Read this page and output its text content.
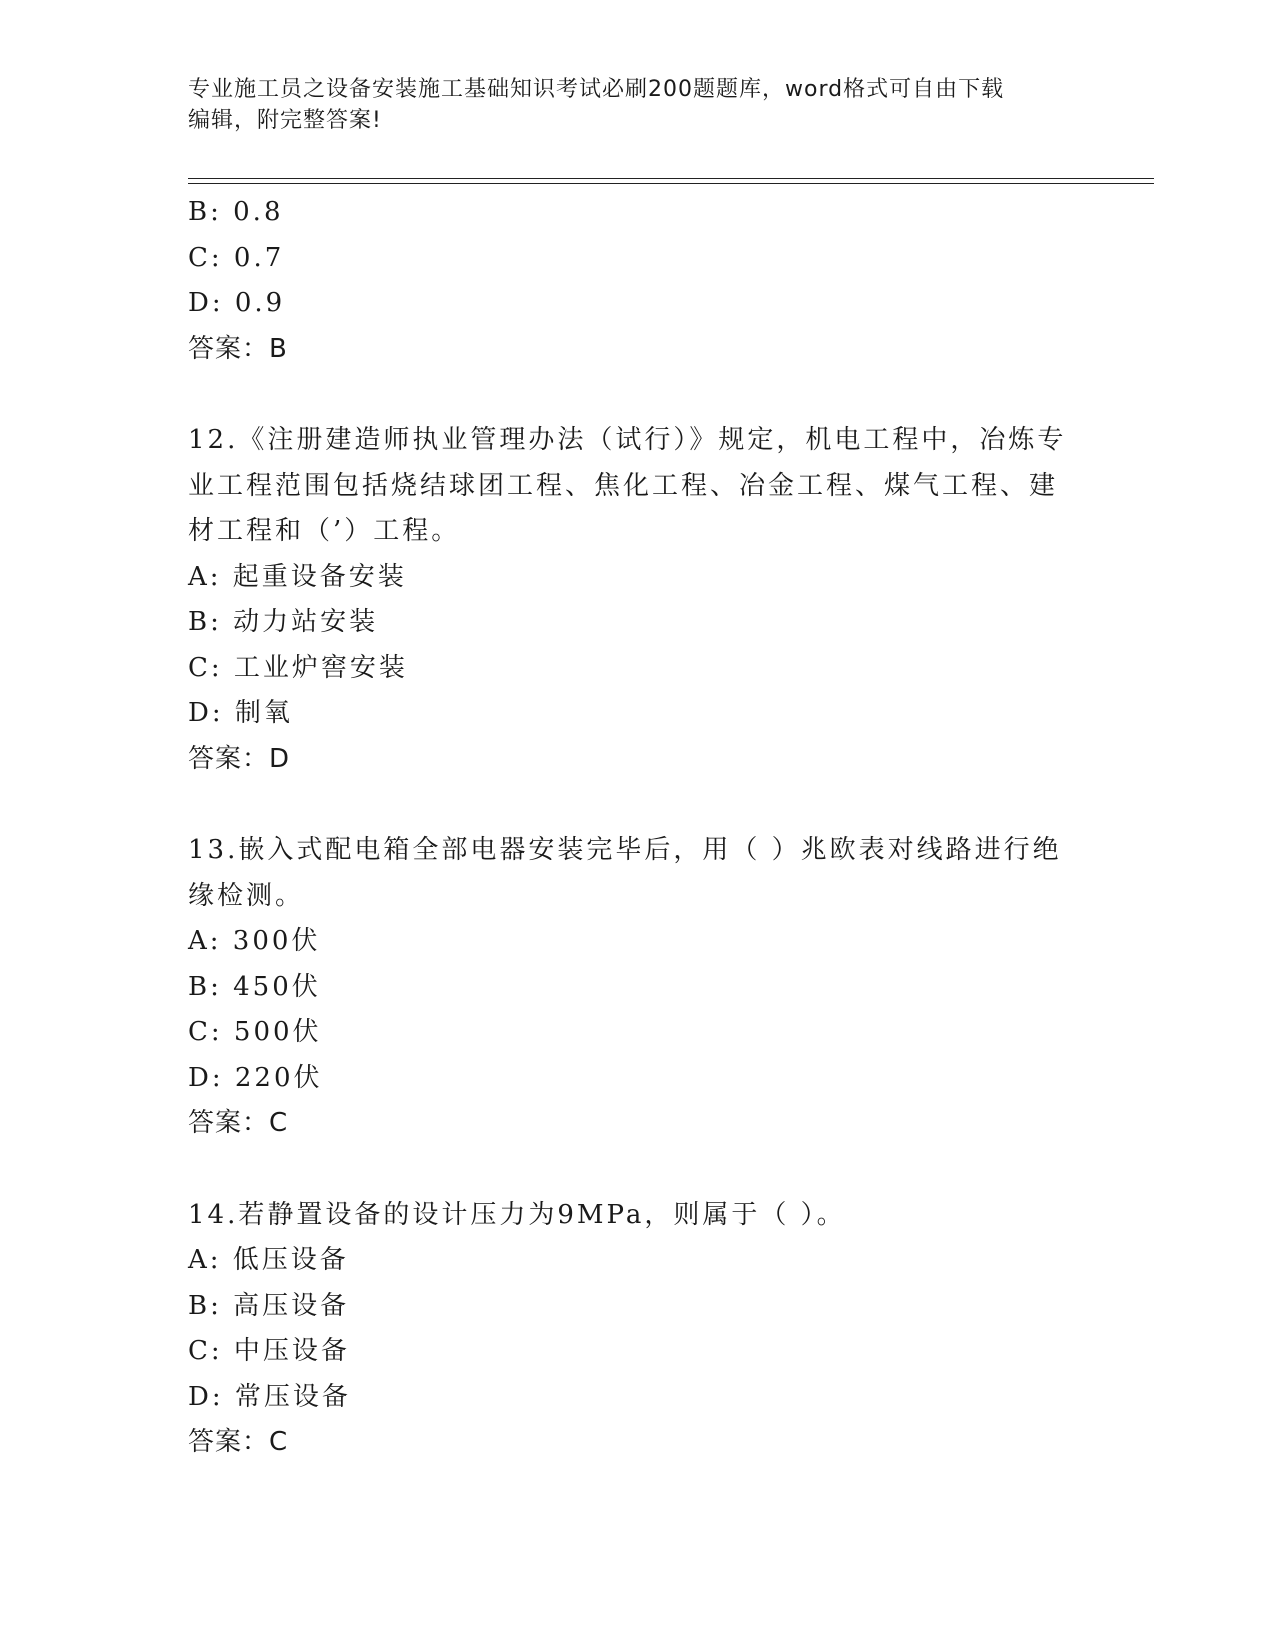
专业施工员之设备安装施工基础知识考试必刷200题题库，word格式可自由下载
编辑，附完整答案!
B: 0.8
C: 0.7
D: 0.9
答案：B
12.《注册建造师执业管理办法（试行）》规定，机电工程中，冶炼专
业工程范围包括烧结球团工程、焦化工程、冶金工程、煤气工程、建
材工程和（’）工程。
A: 起重设备安装
B: 动力站安装
C: 工业炉窖安装
D: 制氧
答案：D
13.嵌入式配电箱全部电器安装完毕后，用（ ）兆欧表对线路进行绝
缘检测。
A: 300伏
B: 450伏
C: 500伏
D: 220伏
答案：C
14.若静置设备的设计压力为9MPa，则属于（ ）。
A: 低压设备
B: 高压设备
C: 中压设备
D: 常压设备
答案：C
